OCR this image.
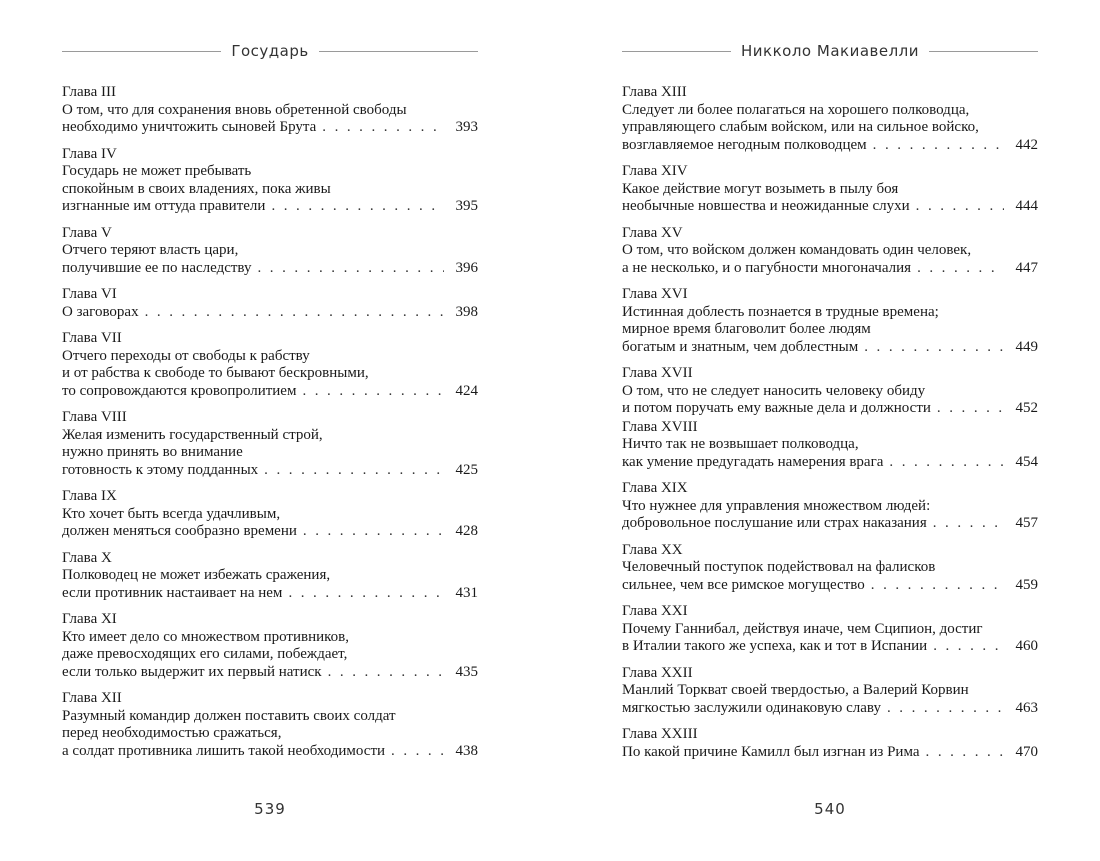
Государь
Глава III
О том, что для сохранения вновь обретенной свободы
необходимо уничтожить сыновей Брута . . .	393
Глава IV
Государь не может пребывать
спокойным в своих владениях, пока живы
изгнанные им оттуда правители . . .	395
Глава V
Отчего теряют власть цари,
получившие ее по наследству . . .	396
Глава VI
О заговорах . . .	398
Глава VII
Отчего переходы от свободы к рабству
и от рабства к свободе то бывают бескровными,
то сопровождаются кровопролитием . . .	424
Глава VIII
Желая изменить государственный строй,
нужно принять во внимание
готовность к этому подданных . . .	425
Глава IX
Кто хочет быть всегда удачливым,
должен меняться сообразно времени . . .	428
Глава X
Полководец не может избежать сражения,
если противник настаивает на нем . . .	431
Глава XI
Кто имеет дело со множеством противников,
даже превосходящих его силами, побеждает,
если только выдержит их первый натиск . . .	435
Глава XII
Разумный командир должен поставить своих солдат
перед необходимостью сражаться,
а солдат противника лишить такой необходимости . . .	438
539
Никколо Макиавелли
Глава XIII
Следует ли более полагаться на хорошего полководца,
управляющего слабым войском, или на сильное войско,
возглавляемое негодным полководцем . . .	442
Глава XIV
Какое действие могут возыметь в пылу боя
необычные новшества и неожиданные слухи . . .	444
Глава XV
О том, что войском должен командовать один человек,
а не несколько, и о пагубности многоначалия . . .	447
Глава XVI
Истинная доблесть познается в трудные времена;
мирное время благоволит более людям
богатым и знатным, чем доблестным . . .	449
Глава XVII
О том, что не следует наносить человеку обиду
и потом поручать ему важные дела и должности . . .	452
Глава XVIII
Ничто так не возвышает полководца,
как умение предугадать намерения врага . . .	454
Глава XIX
Что нужнее для управления множеством людей:
добровольное послушание или страх наказания . . .	457
Глава XX
Человечный поступок подействовал на фалисков
сильнее, чем все римское могущество . . .	459
Глава XXI
Почему Ганнибал, действуя иначе, чем Сципион, достиг
в Италии такого же успеха, как и тот в Испании . . .	460
Глава XXII
Манлий Торкват своей твердостью, а Валерий Корвин
мягкостью заслужили одинаковую славу . . .	463
Глава XXIII
По какой причине Камилл был изгнан из Рима . . .	470
540
